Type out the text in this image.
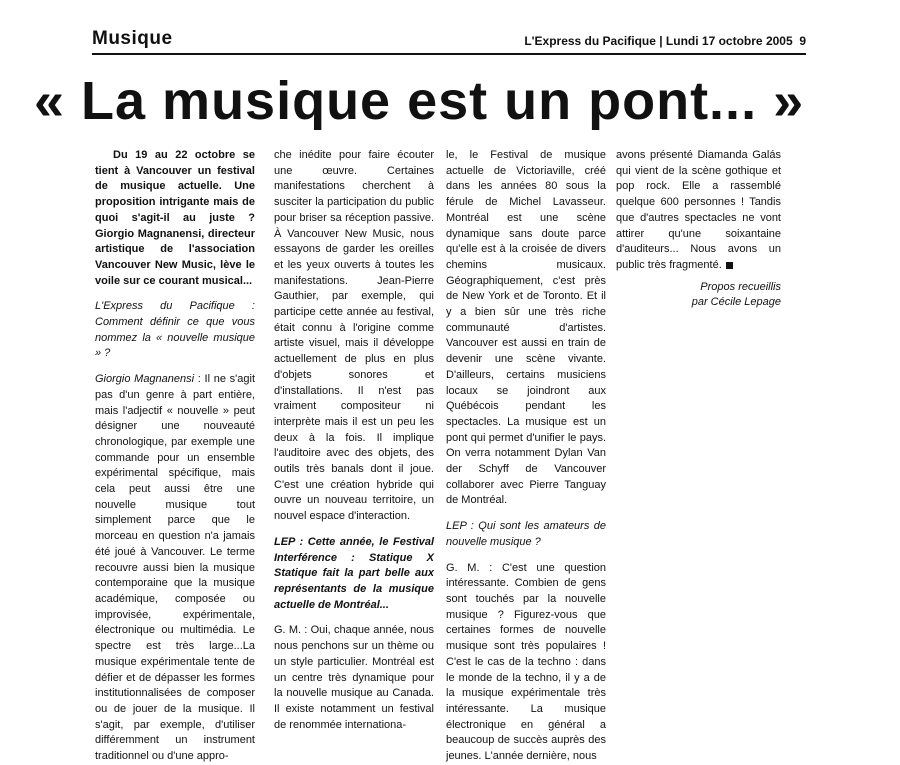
Musique	L'Express du Pacifique | Lundi 17 octobre 2005 9
« La musique est un pont... »

Du 19 au 22 octobre se tient à Vancouver un festival de musique actuelle. Une proposition intrigante mais de quoi s'agit-il au juste ? Giorgio Magnanensi, directeur artistique de l'association Vancouver New Music, lève le voile sur ce courant musical...

L'Express du Pacifique : Comment définir ce que vous nommez la « nouvelle musique » ?

Giorgio Magnanensi : Il ne s'agit pas d'un genre à part entière, mais l'adjectif « nouvelle » peut désigner une nouveauté chronologique, par exemple une commande pour un ensemble expérimental spécifique, mais cela peut aussi être une nouvelle musique tout simplement parce que le morceau en question n'a jamais été joué à Vancouver. Le terme recouvre aussi bien la musique contemporaine que la musique académique, composée ou improvisée, expérimentale, électronique ou multimédia. Le spectre est très large...La musique expérimentale tente de défier et de dépasser les formes institutionnalisées de composer ou de jouer de la musique. Il s'agit, par exemple, d'utiliser différemment un instrument traditionnel ou d'une appro-

che inédite pour faire écouter une œuvre. Certaines manifestations cherchent à susciter la participation du public pour briser sa réception passive. À Vancouver New Music, nous essayons de garder les oreilles et les yeux ouverts à toutes les manifestations. Jean-Pierre Gauthier, par exemple, qui participe cette année au festival, était connu à l'origine comme artiste visuel, mais il développe actuellement de plus en plus d'objets sonores et d'installations. Il n'est pas vraiment compositeur ni interprète mais il est un peu les deux à la fois. Il implique l'auditoire avec des objets, des outils très banals dont il joue. C'est une création hybride qui ouvre un nouveau territoire, un nouvel espace d'interaction.

LEP : Cette année, le Festival Interférence : Statique X Statique fait la part belle aux représentants de la musique actuelle de Montréal...

G. M. : Oui, chaque année, nous nous penchons sur un thème ou un style particulier. Montréal est un centre très dynamique pour la nouvelle musique au Canada. Il existe notamment un festival de renommée internationa-

le, le Festival de musique actuelle de Victoriaville, créé dans les années 80 sous la férule de Michel Lavasseur. Montréal est une scène dynamique sans doute parce qu'elle est à la croisée de divers chemins musicaux. Géographiquement, c'est près de New York et de Toronto. Et il y a bien sûr une très riche communauté d'artistes. Vancouver est aussi en train de devenir une scène vivante. D'ailleurs, certains musiciens locaux se joindront aux Québécois pendant les spectacles. La musique est un pont qui permet d'unifier le pays. On verra notamment Dylan Van der Schyff de Vancouver collaborer avec Pierre Tanguay de Montréal.

LEP : Qui sont les amateurs de nouvelle musique ?

G. M. : C'est une question intéressante. Combien de gens sont touchés par la nouvelle musique ? Figurez-vous que certaines formes de nouvelle musique sont très populaires ! C'est le cas de la techno : dans le monde de la techno, il y a de la musique expérimentale très intéressante. La musique électronique en général a beaucoup de succès auprès des jeunes. L'année dernière, nous

avons présenté Diamanda Galás qui vient de la scène gothique et pop rock. Elle a rassemblé quelque 600 personnes ! Tandis que d'autres spectacles ne vont attirer qu'une soixantaine d'auditeurs... Nous avons un public très fragmenté.

Propos recueillis
par Cécile Lepage
